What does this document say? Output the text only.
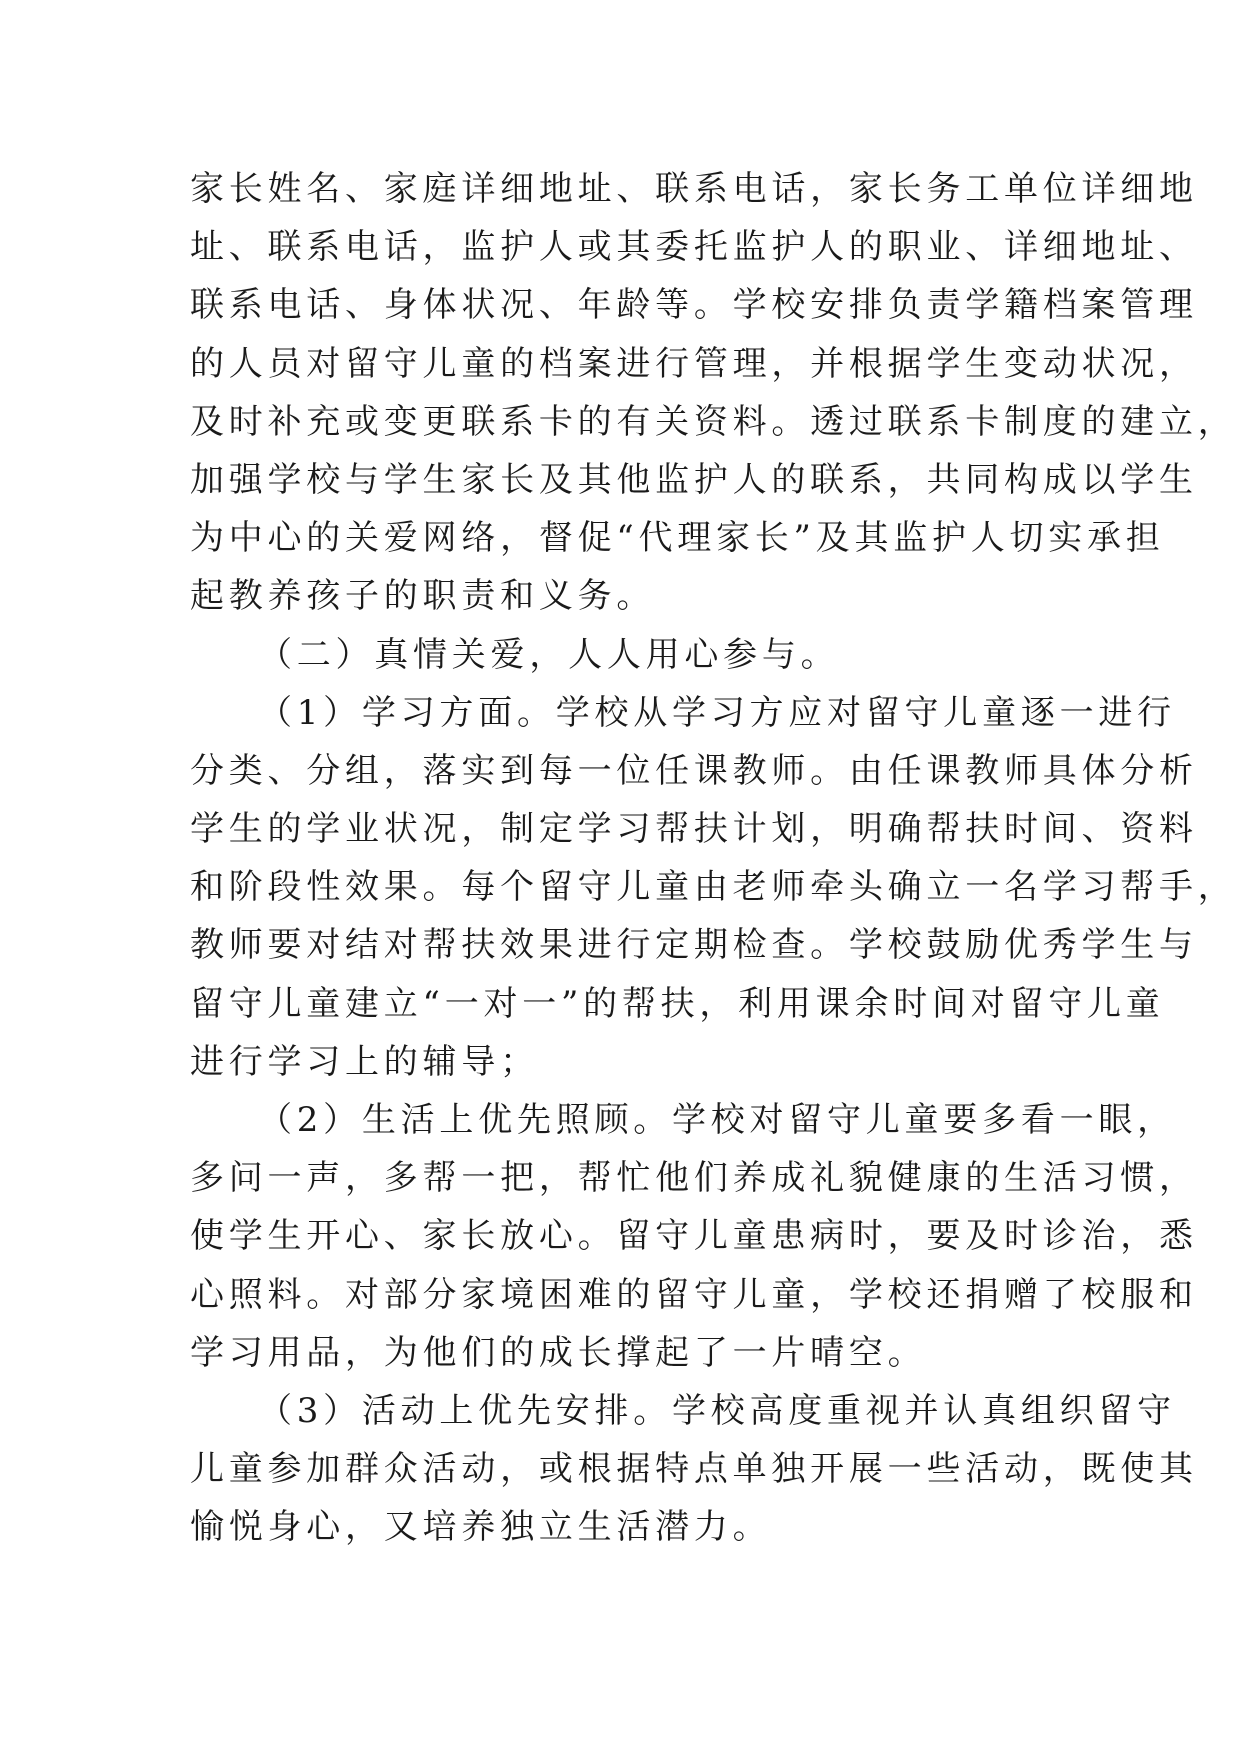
家长姓名、家庭详细地址、联系电话，家长务工单位详细地
址、联系电话，监护人或其委托监护人的职业、详细地址、
联系电话、身体状况、年龄等。学校安排负责学籍档案管理
的人员对留守儿童的档案进行管理，并根据学生变动状况，
及时补充或变更联系卡的有关资料。透过联系卡制度的建立，
加强学校与学生家长及其他监护人的联系，共同构成以学生
为中心的关爱网络，督促“代理家长”及其监护人切实承担
起教养孩子的职责和义务。
（二）真情关爱，人人用心参与。
（1）学习方面。学校从学习方应对留守儿童逐一进行
分类、分组，落实到每一位任课教师。由任课教师具体分析
学生的学业状况，制定学习帮扶计划，明确帮扶时间、资料
和阶段性效果。每个留守儿童由老师牵头确立一名学习帮手，
教师要对结对帮扶效果进行定期检查。学校鼓励优秀学生与
留守儿童建立“一对一”的帮扶，利用课余时间对留守儿童
进行学习上的辅导；
（2）生活上优先照顾。学校对留守儿童要多看一眼，
多问一声，多帮一把，帮忙他们养成礼貌健康的生活习惯，
使学生开心、家长放心。留守儿童患病时，要及时诊治，悉
心照料。对部分家境困难的留守儿童，学校还捐赠了校服和
学习用品，为他们的成长撑起了一片晴空。
（3）活动上优先安排。学校高度重视并认真组织留守
儿童参加群众活动，或根据特点单独开展一些活动，既使其
愉悦身心，又培养独立生活潜力。
